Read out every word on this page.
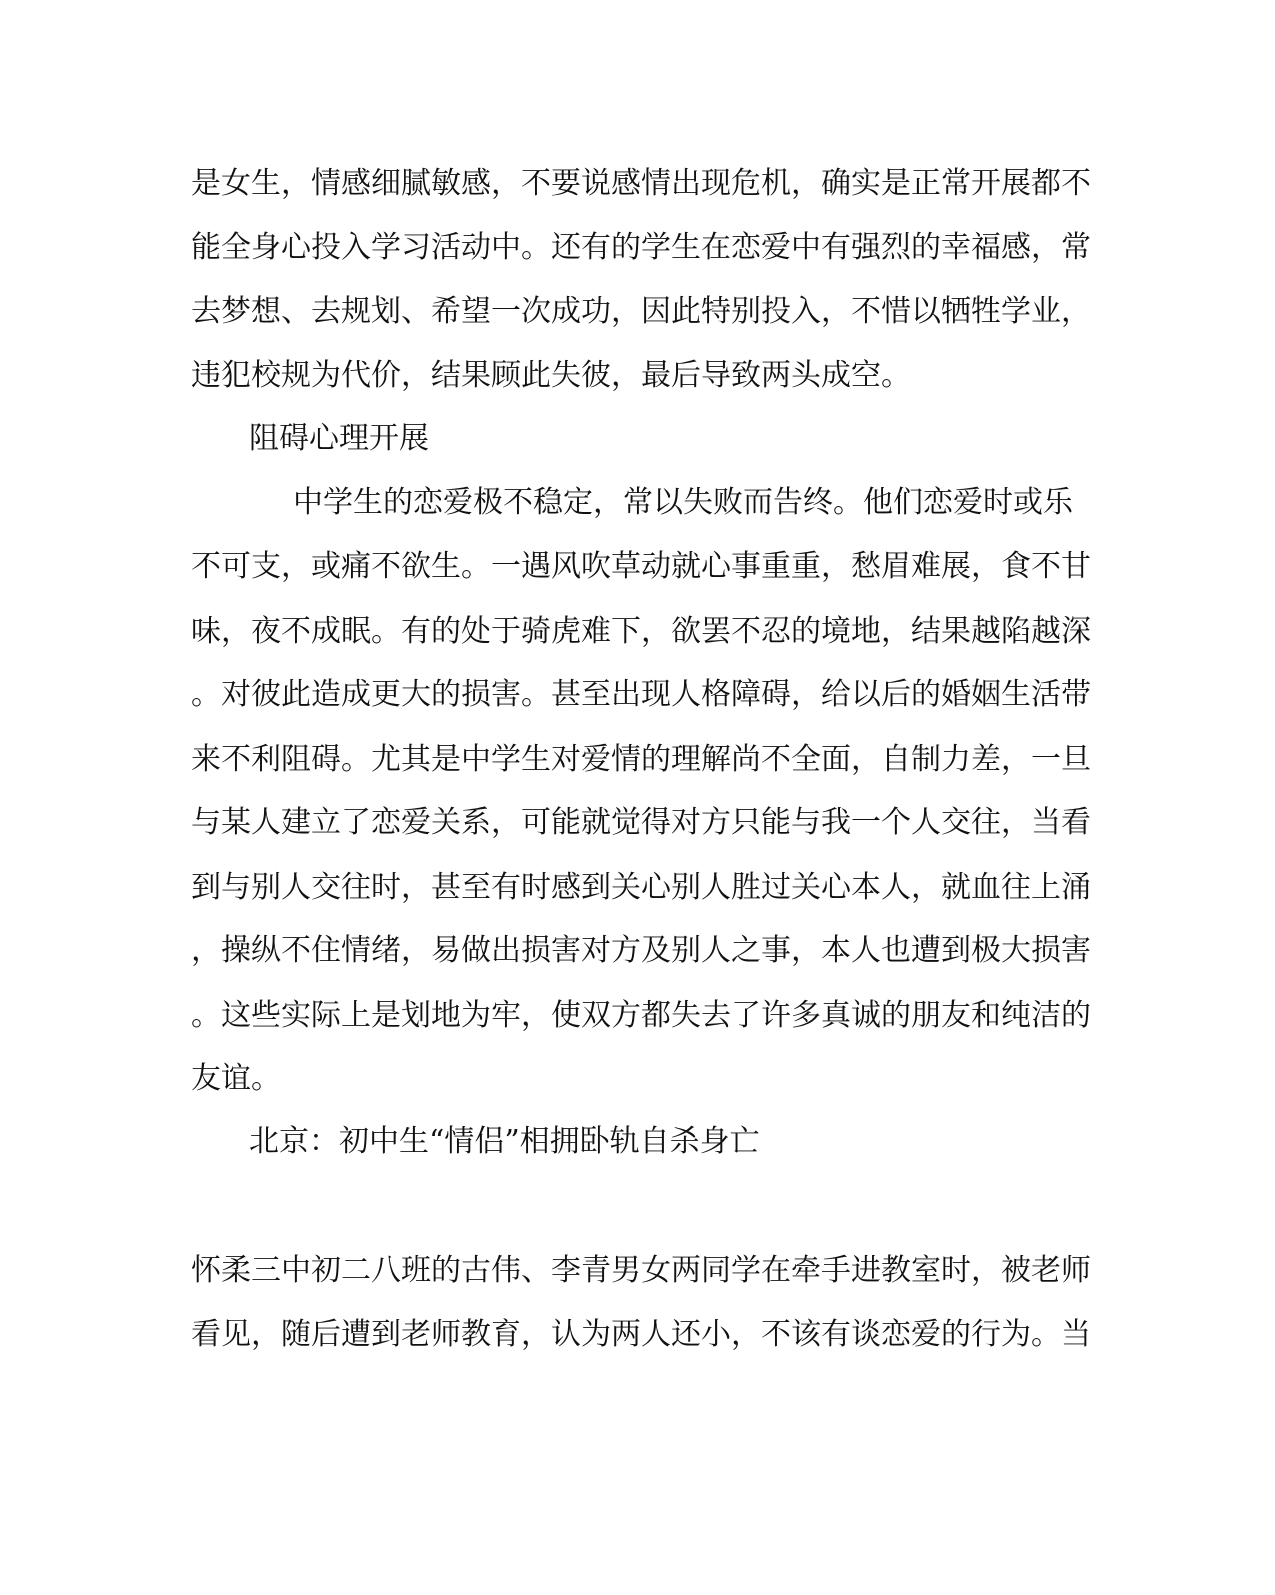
是女生，情感细腻敏感，不要说感情出现危机，确实是正常开展都不
能全身心投入学习活动中。还有的学生在恋爱中有强烈的幸福感，常
去梦想、去规划、希望一次成功，因此特别投入，不惜以牺牲学业，
违犯校规为代价，结果顾此失彼，最后导致两头成空。
阻碍心理开展
中学生的恋爱极不稳定，常以失败而告终。他们恋爱时或乐
不可支，或痛不欲生。一遇风吹草动就心事重重，愁眉难展，食不甘
味，夜不成眠。有的处于骑虎难下，欲罢不忍的境地，结果越陷越深
。对彼此造成更大的损害。甚至出现人格障碍，给以后的婚姻生活带
来不利阻碍。尤其是中学生对爱情的理解尚不全面，自制力差，一旦
与某人建立了恋爱关系，可能就觉得对方只能与我一个人交往，当看
到与别人交往时，甚至有时感到关心别人胜过关心本人，就血往上涌
，操纵不住情绪，易做出损害对方及别人之事，本人也遭到极大损害
。这些实际上是划地为牢，使双方都失去了许多真诚的朋友和纯洁的
友谊。
北京：初中生“情侣”相拥卧轨自杀身亡
怀柔三中初二八班的古伟、李青男女两同学在牵手进教室时，被老师
看见，随后遭到老师教育，认为两人还小，不该有谈恋爱的行为。当
